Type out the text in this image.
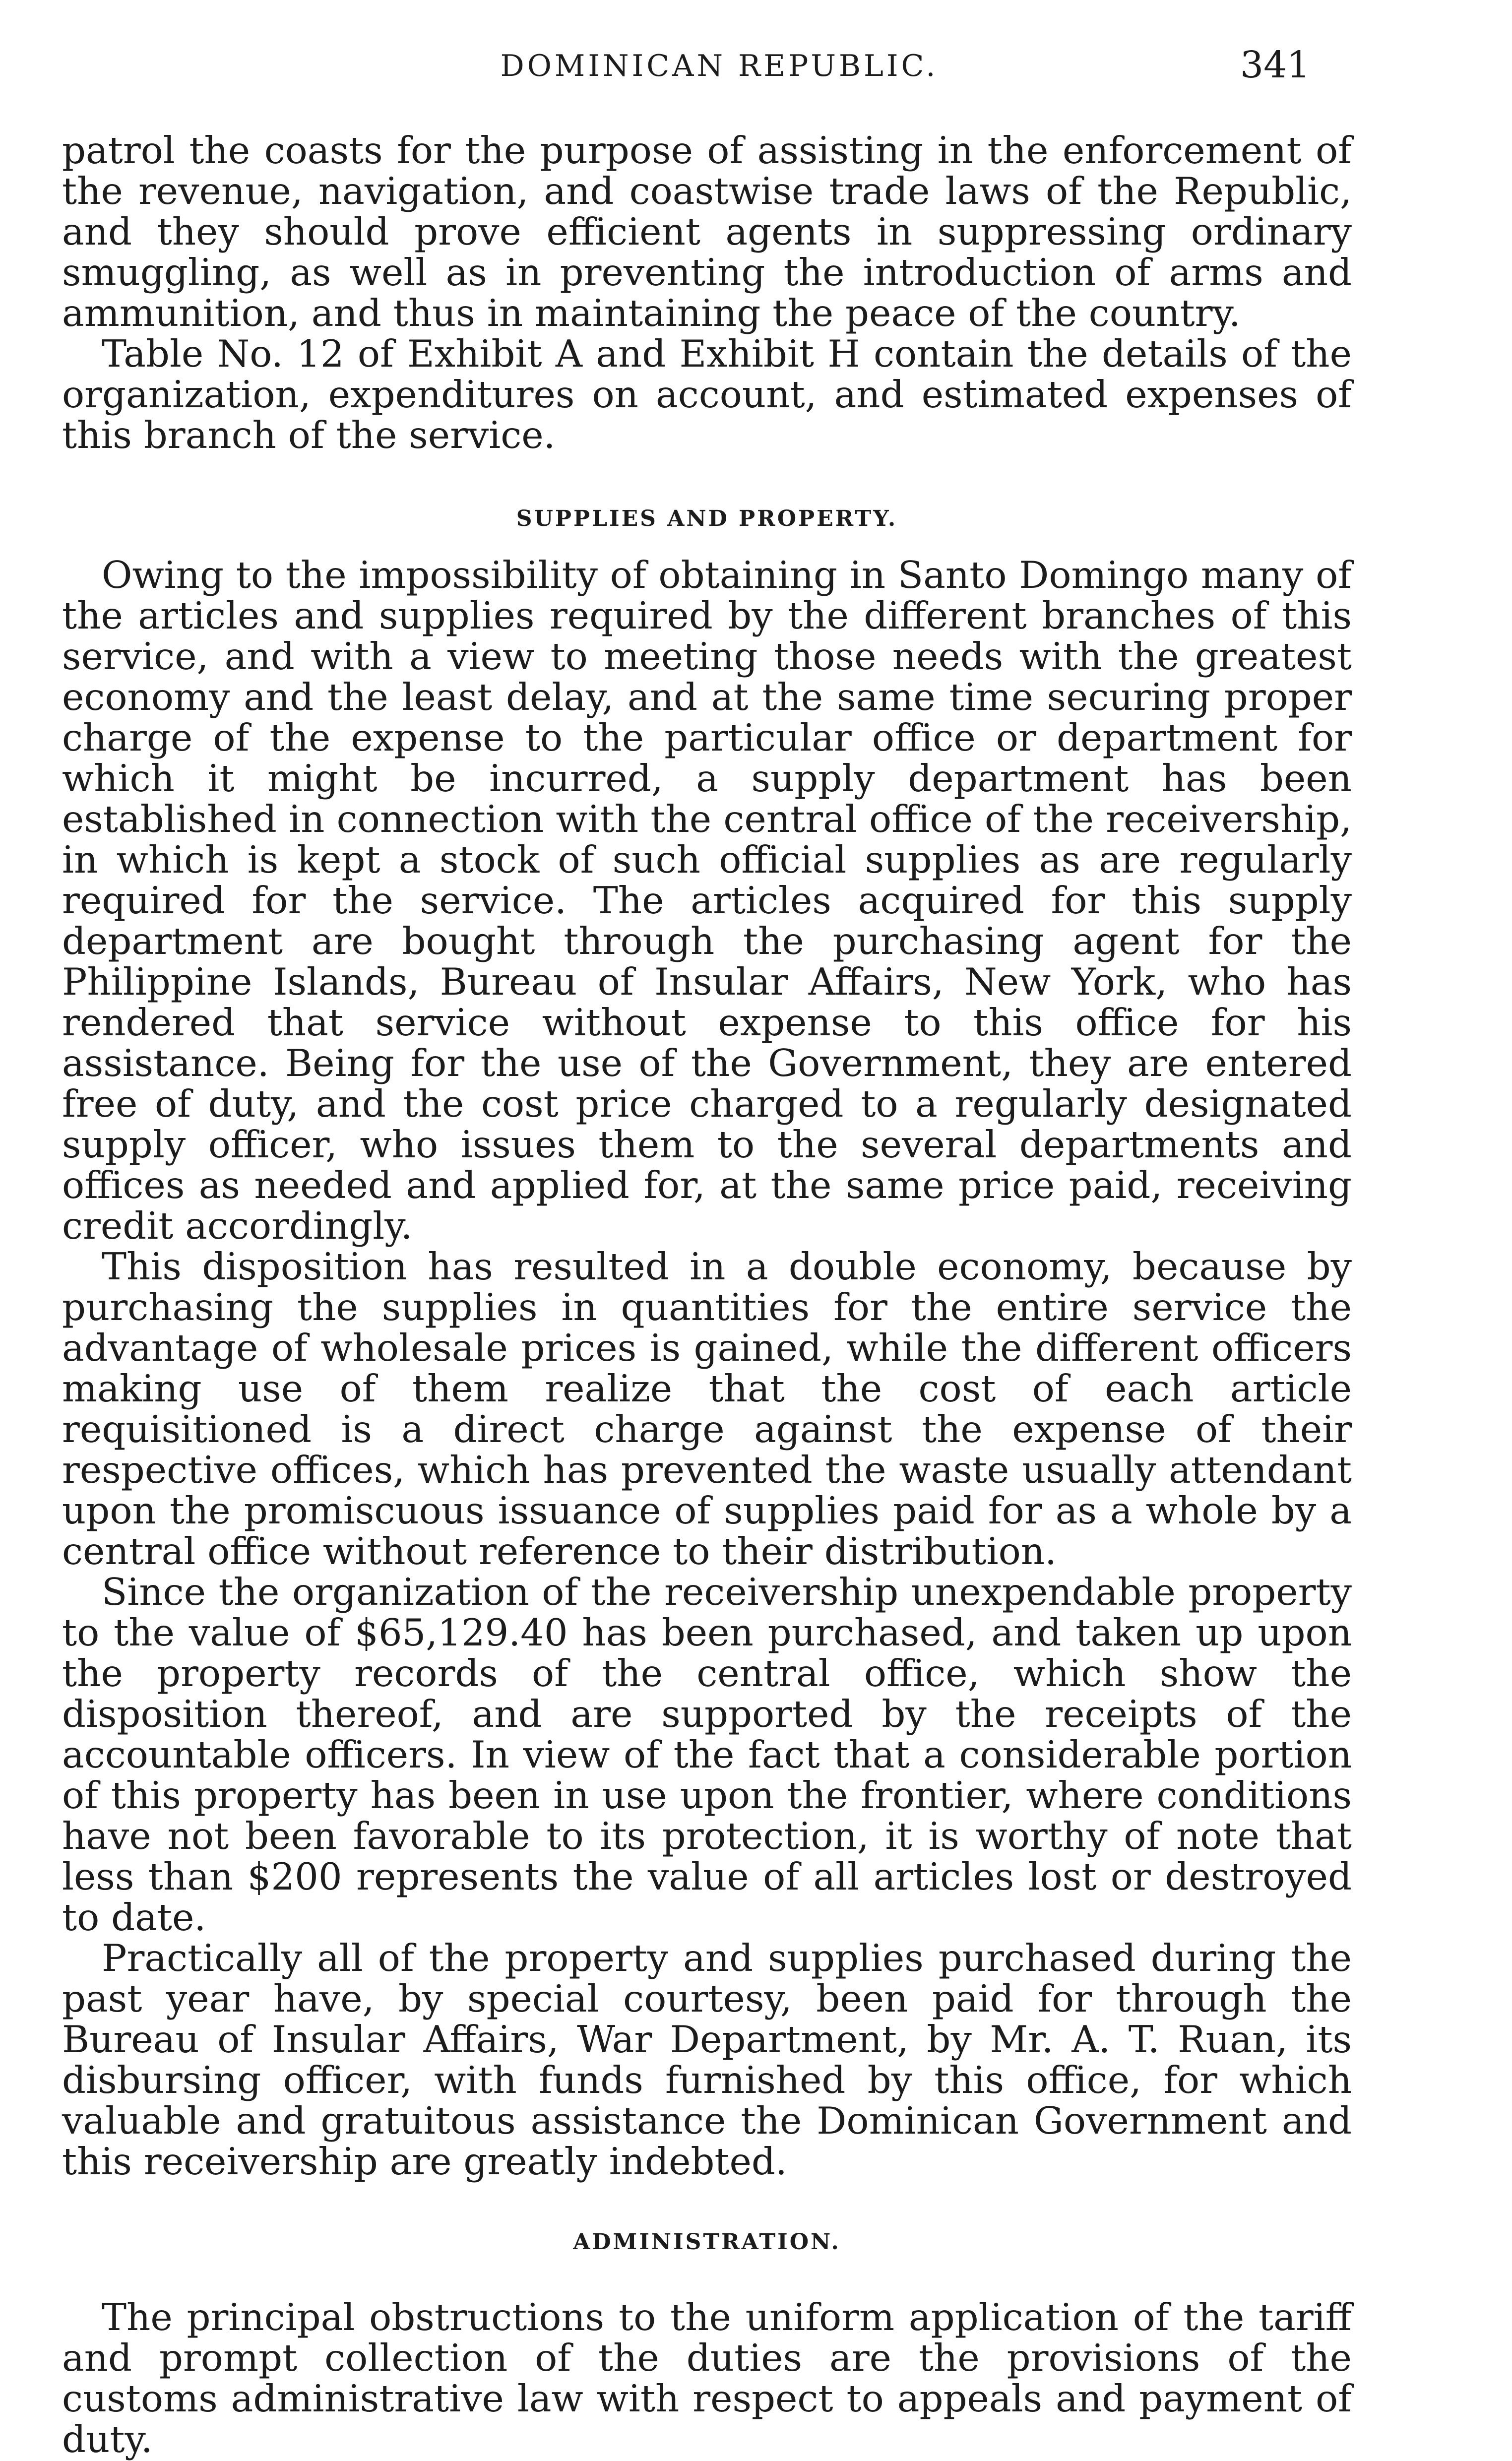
DOMINICAN REPUBLIC.	341

patrol the coasts for the purpose of assisting in the enforcement of the revenue, navigation, and coastwise trade laws of the Republic, and they should prove efficient agents in suppressing ordinary smuggling, as well as in preventing the introduction of arms and ammunition, and thus in maintaining the peace of the country.

Table No. 12 of Exhibit A and Exhibit H contain the details of the organization, expenditures on account, and estimated expenses of this branch of the service.

SUPPLIES AND PROPERTY.

Owing to the impossibility of obtaining in Santo Domingo many of the articles and supplies required by the different branches of this service, and with a view to meeting those needs with the greatest economy and the least delay, and at the same time securing proper charge of the expense to the particular office or department for which it might be incurred, a supply department has been established in connection with the central office of the receivership, in which is kept a stock of such official supplies as are regularly required for the service. The articles acquired for this supply department are bought through the purchasing agent for the Philippine Islands, Bureau of Insular Affairs, New York, who has rendered that service without expense to this office for his assistance. Being for the use of the Government, they are entered free of duty, and the cost price charged to a regularly designated supply officer, who issues them to the several departments and offices as needed and applied for, at the same price paid, receiving credit accordingly.

This disposition has resulted in a double economy, because by purchasing the supplies in quantities for the entire service the advantage of wholesale prices is gained, while the different officers making use of them realize that the cost of each article requisitioned is a direct charge against the expense of their respective offices, which has prevented the waste usually attendant upon the promiscuous issuance of supplies paid for as a whole by a central office without reference to their distribution.

Since the organization of the receivership unexpendable property to the value of $65,129.40 has been purchased, and taken up upon the property records of the central office, which show the disposition thereof, and are supported by the receipts of the accountable officers. In view of the fact that a considerable portion of this property has been in use upon the frontier, where conditions have not been favorable to its protection, it is worthy of note that less than $200 represents the value of all articles lost or destroyed to date.

Practically all of the property and supplies purchased during the past year have, by special courtesy, been paid for through the Bureau of Insular Affairs, War Department, by Mr. A. T. Ruan, its disbursing officer, with funds furnished by this office, for which valuable and gratuitous assistance the Dominican Government and this receivership are greatly indebted.

ADMINISTRATION.

The principal obstructions to the uniform application of the tariff and prompt collection of the duties are the provisions of the customs administrative law with respect to appeals and payment of duty.
